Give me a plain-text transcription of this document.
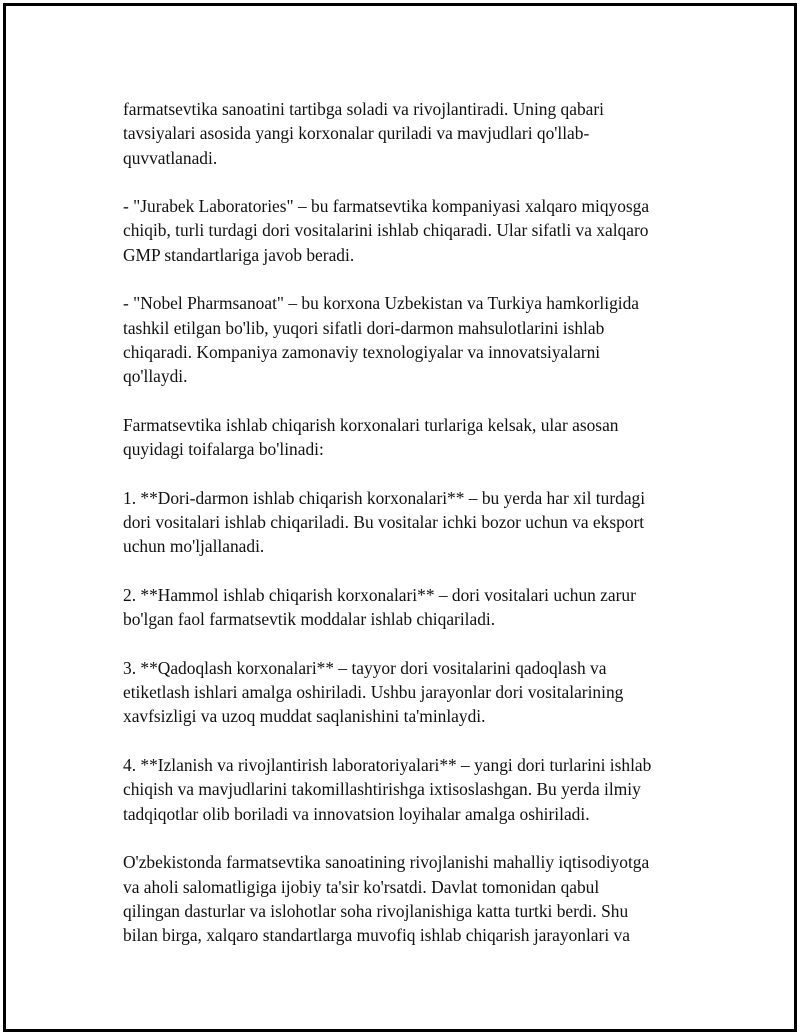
farmatsevtika sanoatini tartibga soladi va rivojlantiradi. Uning qabari
tavsiyalari asosida yangi korxonalar quriladi va mavjudlari qo'llab-
quvvatlanadi.

- "Jurabek Laboratories" – bu farmatsevtika kompaniyasi xalqaro miqyosga
chiqib, turli turdagi dori vositalarini ishlab chiqaradi. Ular sifatli va xalqaro
GMP standartlariga javob beradi.

- "Nobel Pharmsanoat" – bu korxona Uzbekistan va Turkiya hamkorligida
tashkil etilgan bo'lib, yuqori sifatli dori-darmon mahsulotlarini ishlab
chiqaradi. Kompaniya zamonaviy texnologiyalar va innovatsiyalarni
qo'llaydi.

Farmatsevtika ishlab chiqarish korxonalari turlariga kelsak, ular asosan
quyidagi toifalarga bo'linadi:

1. **Dori-darmon ishlab chiqarish korxonalari** – bu yerda har xil turdagi
dori vositalari ishlab chiqariladi. Bu vositalar ichki bozor uchun va eksport
uchun mo'ljallanadi.

2. **Hammol ishlab chiqarish korxonalari** – dori vositalari uchun zarur
bo'lgan faol farmatsevtik moddalar ishlab chiqariladi.

3. **Qadoqlash korxonalari** – tayyor dori vositalarini qadoqlash va
etiketlash ishlari amalga oshiriladi. Ushbu jarayonlar dori vositalarining
xavfsizligi va uzoq muddat saqlanishini ta'minlaydi.

4. **Izlanish va rivojlantirish laboratoriyalari** – yangi dori turlarini ishlab
chiqish va mavjudlarini takomillashtirishga ixtisoslashgan. Bu yerda ilmiy
tadqiqotlar olib boriladi va innovatsion loyihalar amalga oshiriladi.

O'zbekistonda farmatsevtika sanoatining rivojlanishi mahalliy iqtisodiyotga
va aholi salomatligiga ijobiy ta'sir ko'rsatdi. Davlat tomonidan qabul
qilingan dasturlar va islohotlar soha rivojlanishiga katta turtki berdi. Shu
bilan birga, xalqaro standartlarga muvofiq ishlab chiqarish jarayonlari va
